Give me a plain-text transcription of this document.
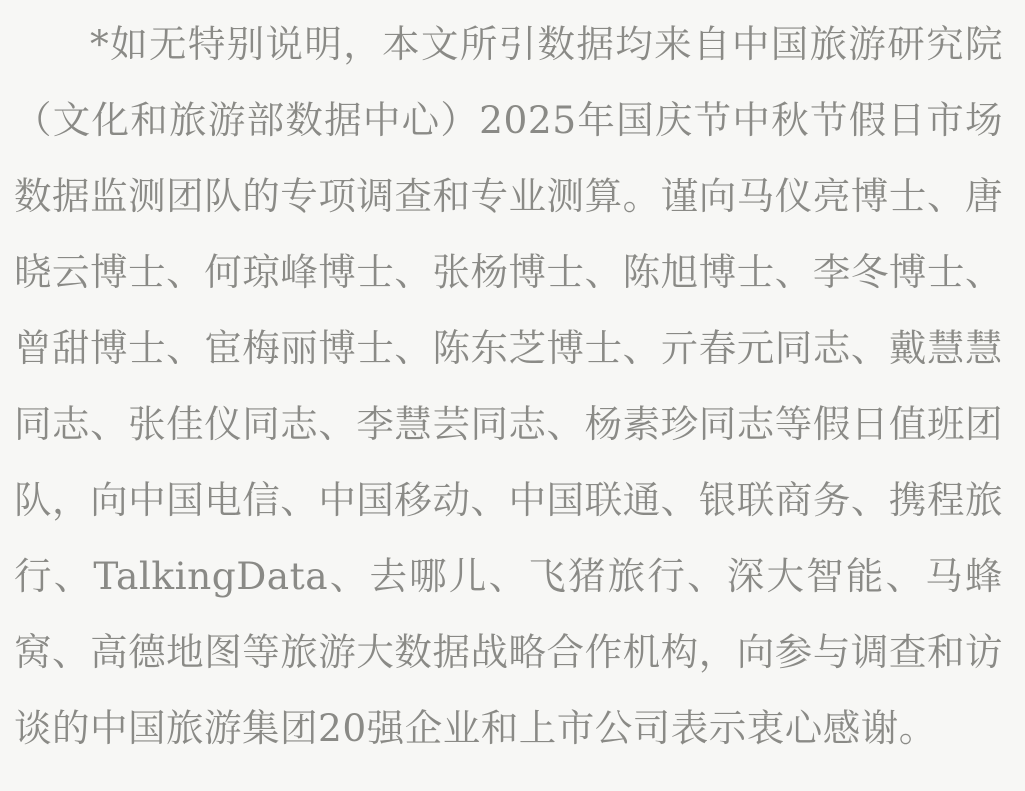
*如无特别说明，本文所引数据均来自中国旅游研究院（文化和旅游部数据中心）2025年国庆节中秋节假日市场数据监测团队的专项调查和专业测算。谨向马仪亮博士、唐晓云博士、何琼峰博士、张杨博士、陈旭博士、李冬博士、曾甜博士、宦梅丽博士、陈东芝博士、亓春元同志、戴慧慧同志、张佳仪同志、李慧芸同志、杨素珍同志等假日值班团队，向中国电信、中国移动、中国联通、银联商务、携程旅行、TalkingData、去哪儿、飞猪旅行、深大智能、马蜂窝、高德地图等旅游大数据战略合作机构，向参与调查和访谈的中国旅游集团20强企业和上市公司表示衷心感谢。
